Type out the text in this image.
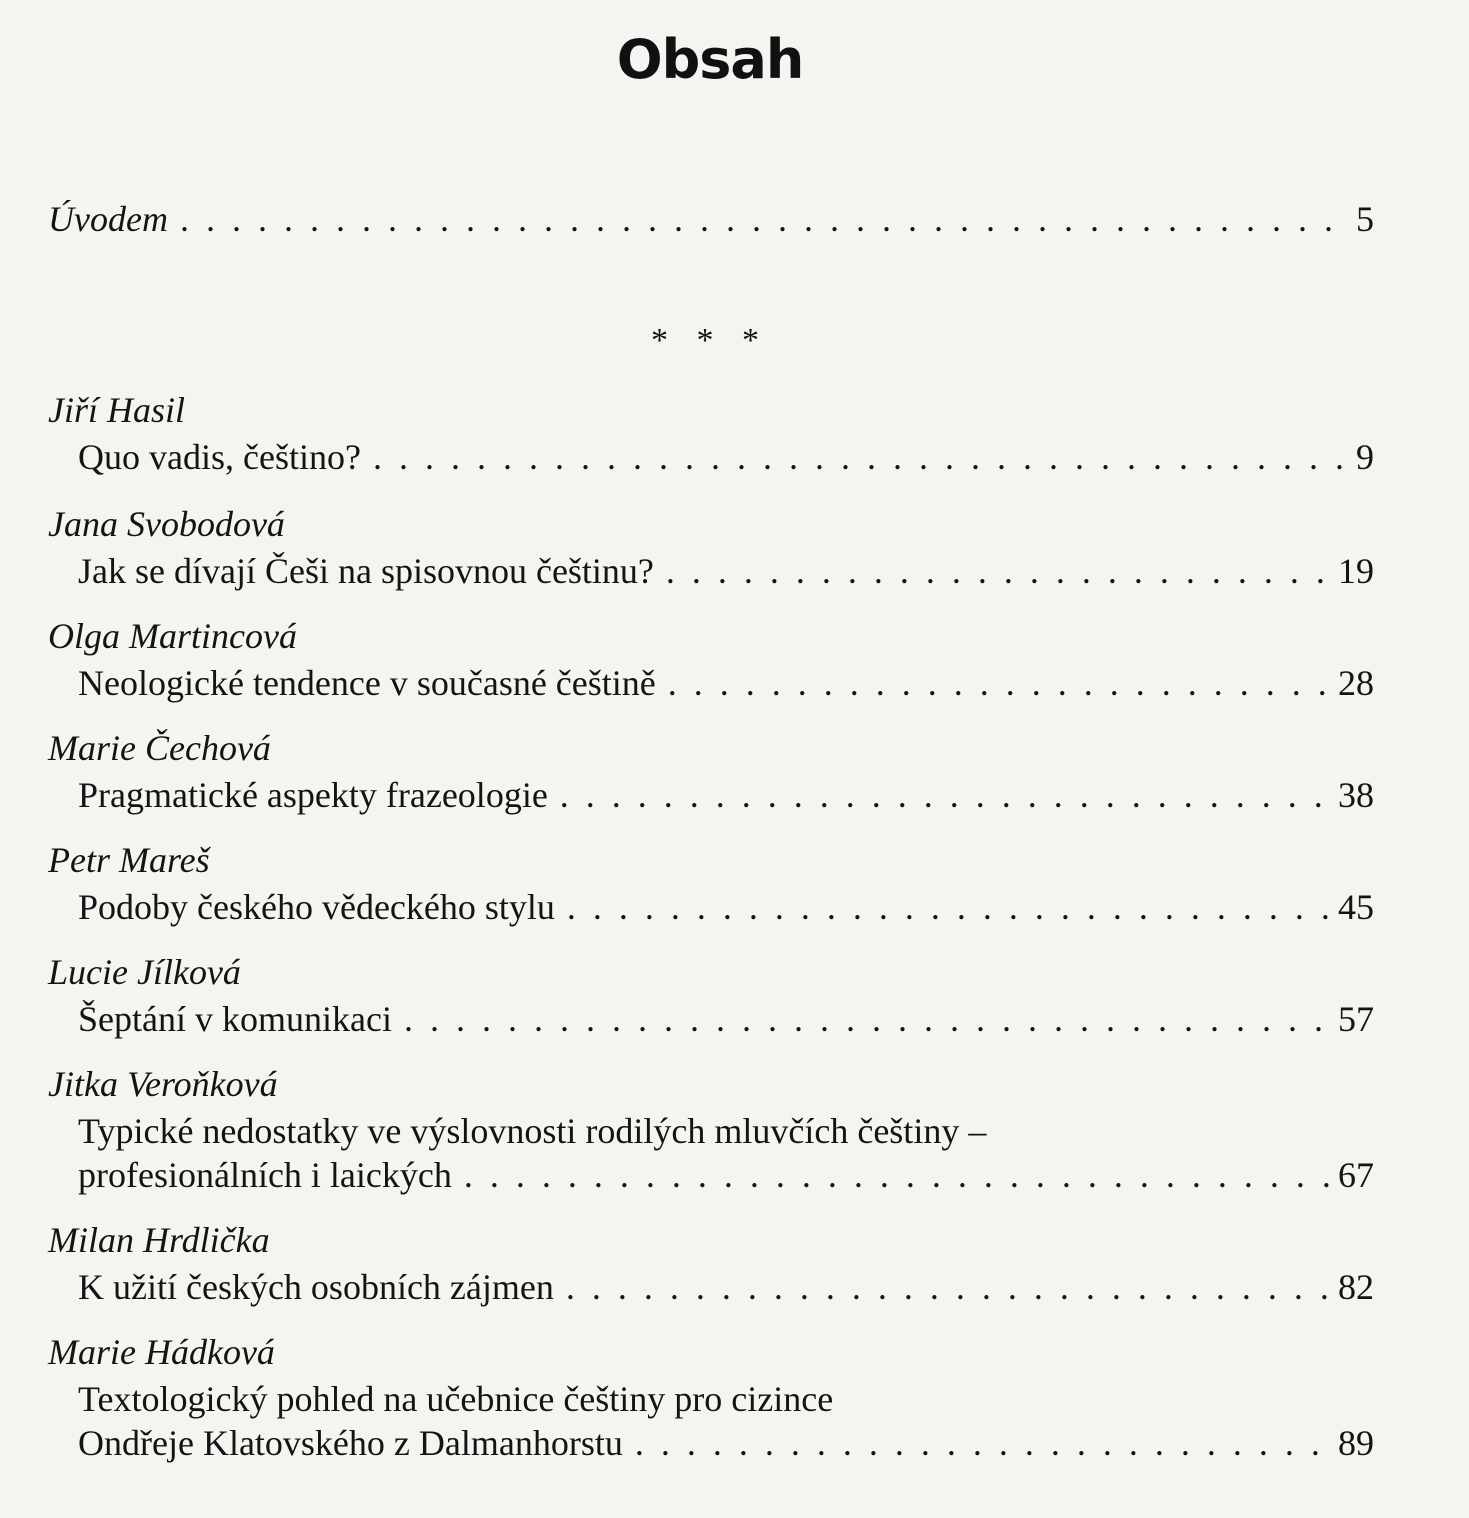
Obsah
Úvodem . . .	5
* * *
Jiří Hasil
Quo vadis, češtino? . . .	9
Jana Svobodová
Jak se dívají Češi na spisovnou češtinu? . . .	19
Olga Martincová
Neologické tendence v současné češtině . . .	28
Marie Čechová
Pragmatické aspekty frazeologie . . .	38
Petr Mareš
Podoby českého vědeckého stylu . . .	45
Lucie Jílková
Šeptání v komunikaci . . .	57
Jitka Veroňková
Typické nedostatky ve výslovnosti rodilých mluvčích češtiny –
profesionálních i laických . . .	67
Milan Hrdlička
K užití českých osobních zájmen . . .	82
Marie Hádková
Textologický pohled na učebnice češtiny pro cizince
Ondřeje Klatovského z Dalmanhorstu . . .	89
